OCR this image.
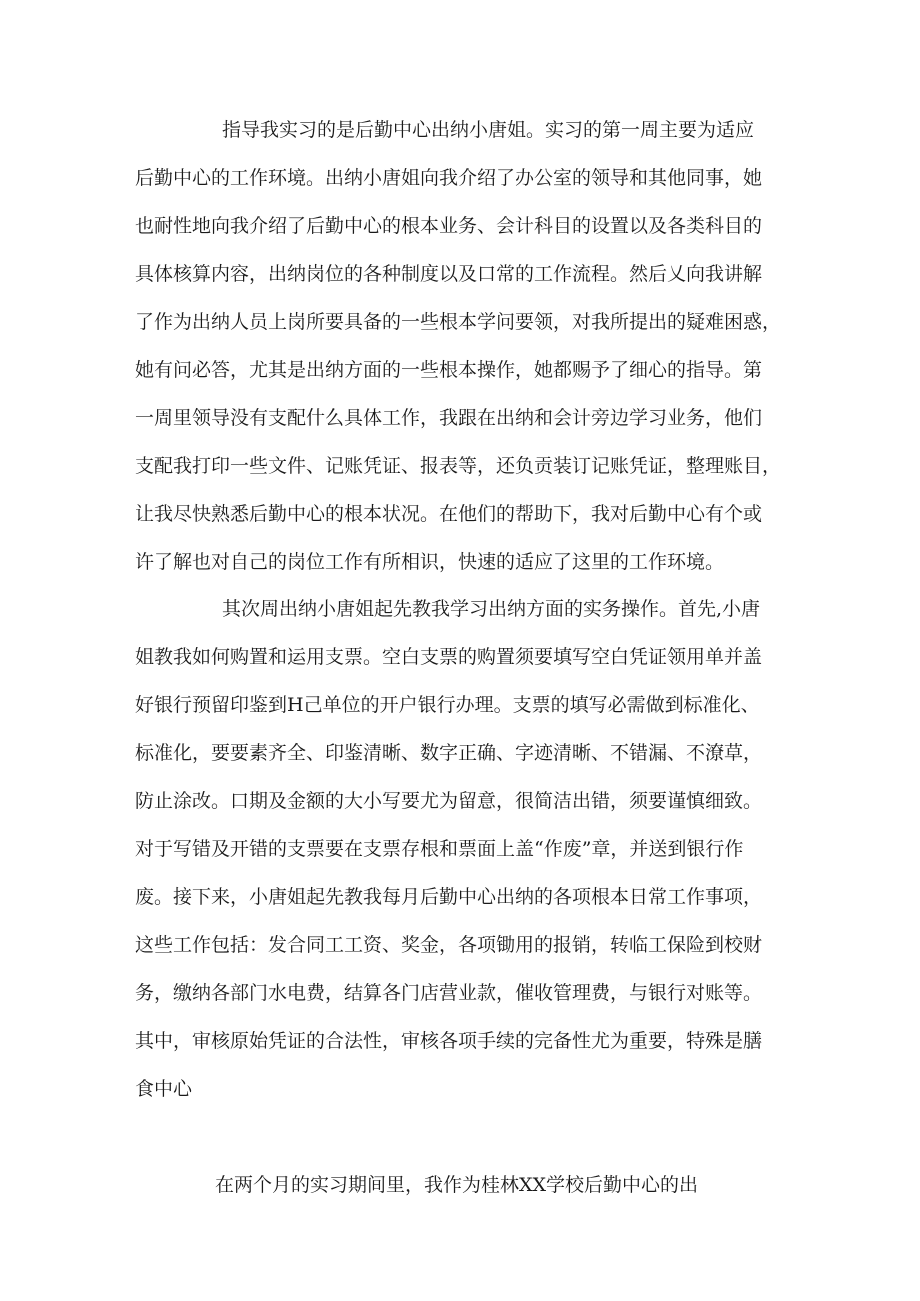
指导我实习的是后勤中心出纳小唐姐。实习的第一周主要为适应
后勤中心的工作环境。出纳小唐姐向我介绍了办公室的领导和其他同事，她
也耐性地向我介绍了后勤中心的根本业务、会计科目的设置以及各类科目的
具体核算内容，出纳岗位的各种制度以及口常的工作流程。然后乂向我讲解
了作为出纳人员上岗所要具备的一些根本学问要领，对我所提出的疑难困惑，
她有问必答，尤其是出纳方面的一些根本操作，她都赐予了细心的指导。第
一周里领导没有支配什么具体工作，我跟在出纳和会计旁边学习业务，他们
支配我打印一些文件、记账凭证、报表等，还负贡装订记账凭证，整理账目，
让我尽快熟悉后勤中心的根本状况。在他们的帮助下，我对后勤中心有个或
许了解也对自己的岗位工作有所相识，快速的适应了这里的工作环境。
其次周出纳小唐姐起先教我学习出纳方面的实务操作。首先,小唐
姐教我如何购置和运用支票。空白支票的购置须要填写空白凭证领用单并盖
好银行预留印鉴到H己单位的开户银行办理。支票的填写必需做到标准化、
标准化，要要素齐全、印鉴清晰、数字正确、字迹清晰、不错漏、不潦草，
防止涂改。口期及金额的大小写要尤为留意，很简洁出错，须要谨慎细致。
对于写错及开错的支票要在支票存根和票面上盖“作废”章，并送到银行作
废。接下来，小唐姐起先教我每月后勤中心出纳的各项根本日常工作事项，
这些工作包括：发合同工工资、奖金，各项锄用的报销，转临工保险到校财
务，缴纳各部门水电费，结算各门店营业款，催收管理费，与银行对账等。
其中，审核原始凭证的合法性，审核各项手续的完备性尤为重要，特殊是膳
食中心
在两个月的实习期间里，我作为桂林XX学校后勤中心的出
